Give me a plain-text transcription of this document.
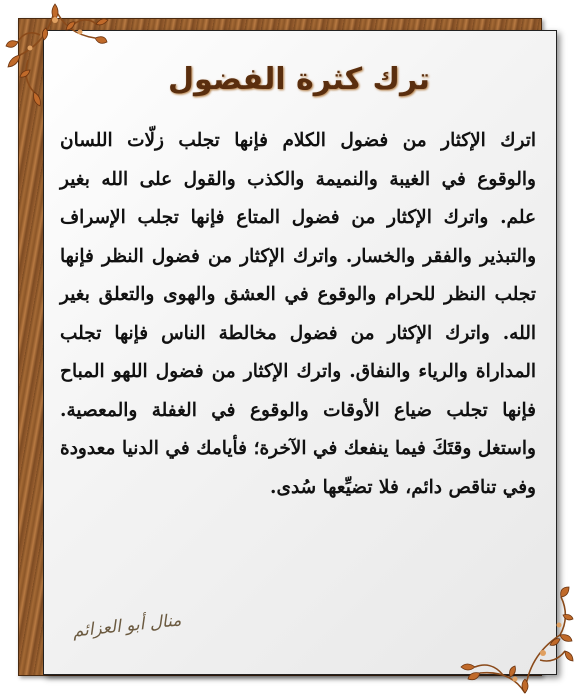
ترك كثرة الفضول

اترك الإكثار من فضول الكلام فإنها تجلب زلّات اللسان والوقوع في الغيبة والنميمة والكذب والقول على الله بغير علم. واترك الإكثار من فضول المتاع فإنها تجلب الإسراف والتبذير والفقر والخسار. واترك الإكثار من فضول النظر فإنها تجلب النظر للحرام والوقوع في العشق والهوى والتعلق بغير الله. واترك الإكثار من فضول مخالطة الناس فإنها تجلب المداراة والرياء والنفاق. واترك الإكثار من فضول اللهو المباح فإنها تجلب ضياع الأوقات والوقوع في الغفلة والمعصية. واستغل وقتَكَ فيما ينفعك في الآخرة؛ فأيامك في الدنيا معدودة وفي تناقص دائم، فلا تضيِّعها سُدى.

منال أبو العزائم
